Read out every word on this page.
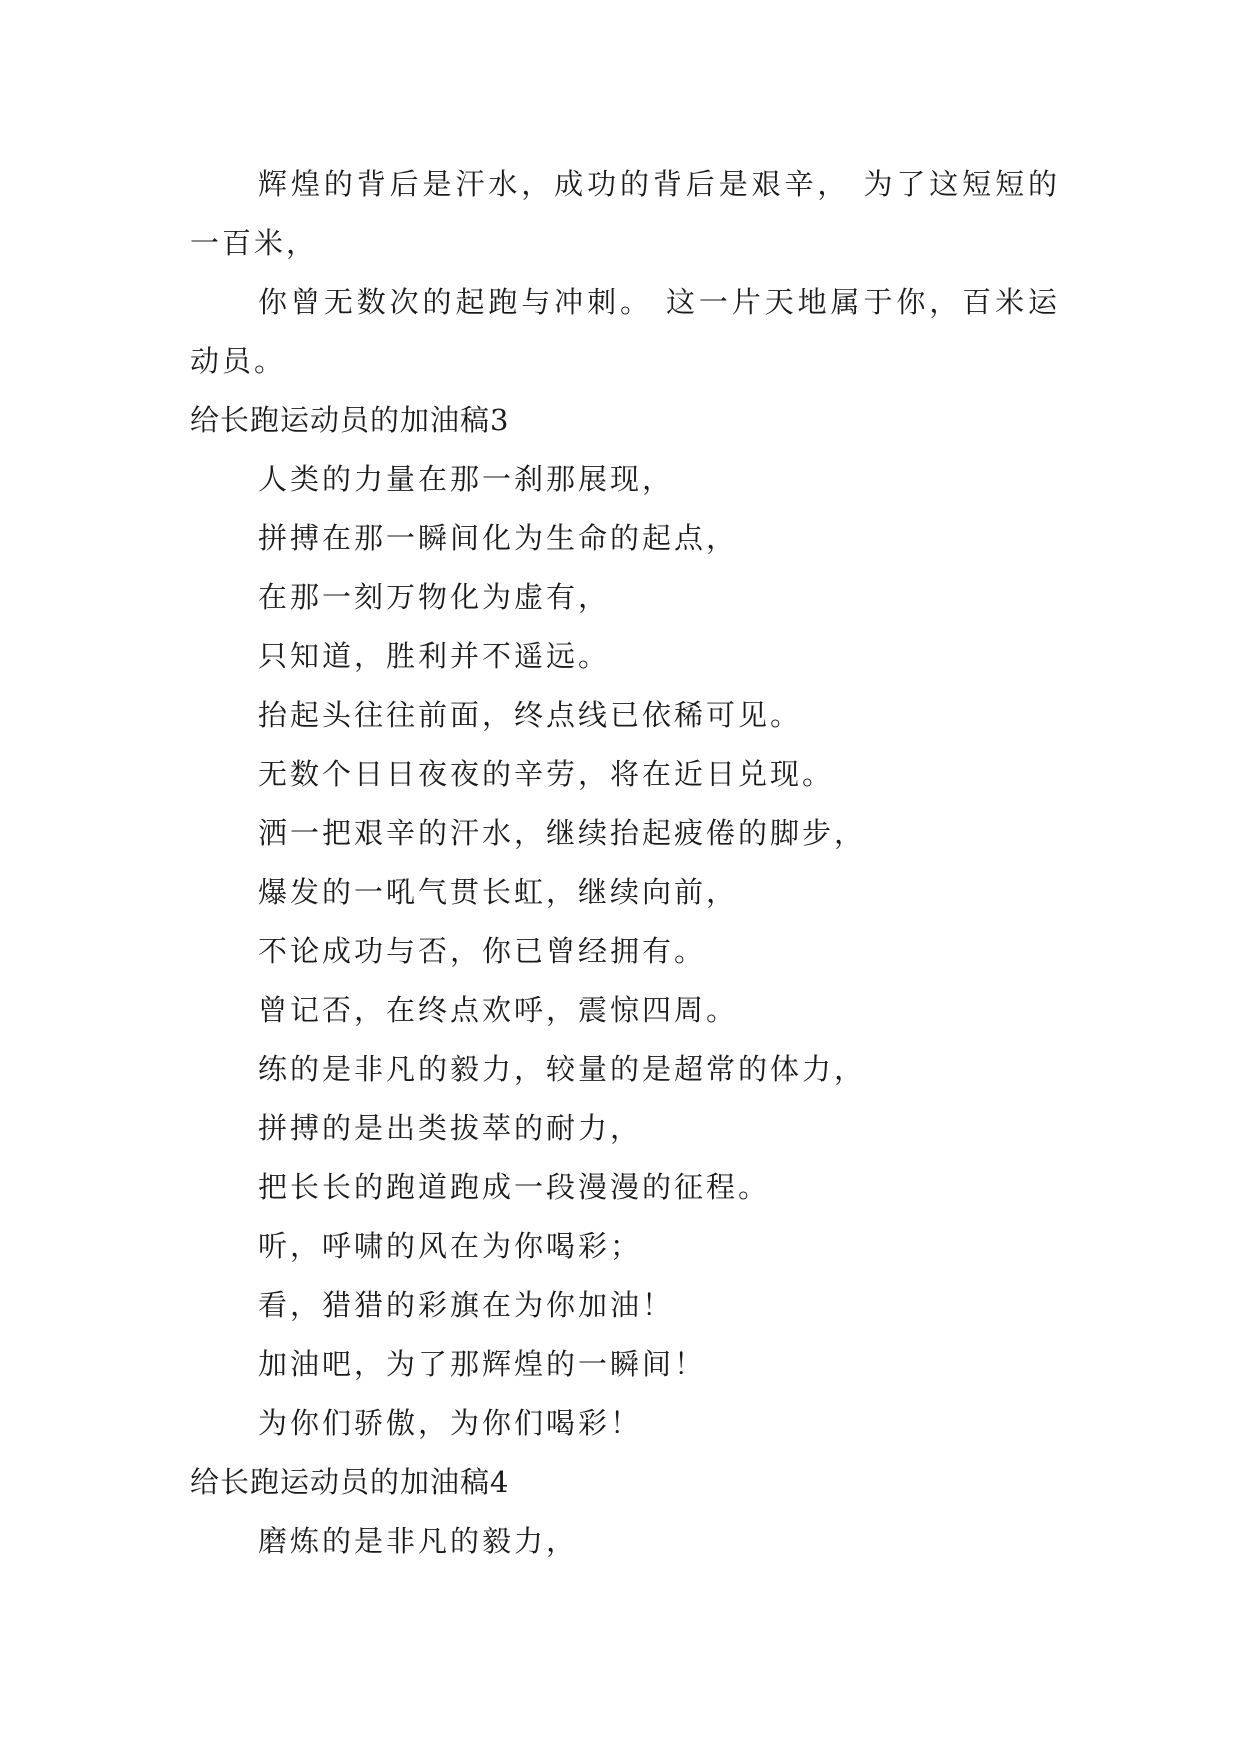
辉煌的背后是汗水，成功的背后是艰辛， 为了这短短的一百米，
你曾无数次的起跑与冲刺。 这一片天地属于你，百米运动员。
给长跑运动员的加油稿3
人类的力量在那一刹那展现，
拼搏在那一瞬间化为生命的起点，
在那一刻万物化为虚有，
只知道，胜利并不遥远。
抬起头往往前面，终点线已依稀可见。
无数个日日夜夜的辛劳，将在近日兑现。
洒一把艰辛的汗水，继续抬起疲倦的脚步，
爆发的一吼气贯长虹，继续向前，
不论成功与否，你已曾经拥有。
曾记否，在终点欢呼，震惊四周。
练的是非凡的毅力，较量的是超常的体力，
拼搏的是出类拔萃的耐力，
把长长的跑道跑成一段漫漫的征程。
听，呼啸的风在为你喝彩；
看，猎猎的彩旗在为你加油！
加油吧，为了那辉煌的一瞬间！
为你们骄傲，为你们喝彩！
给长跑运动员的加油稿4
磨炼的是非凡的毅力，
